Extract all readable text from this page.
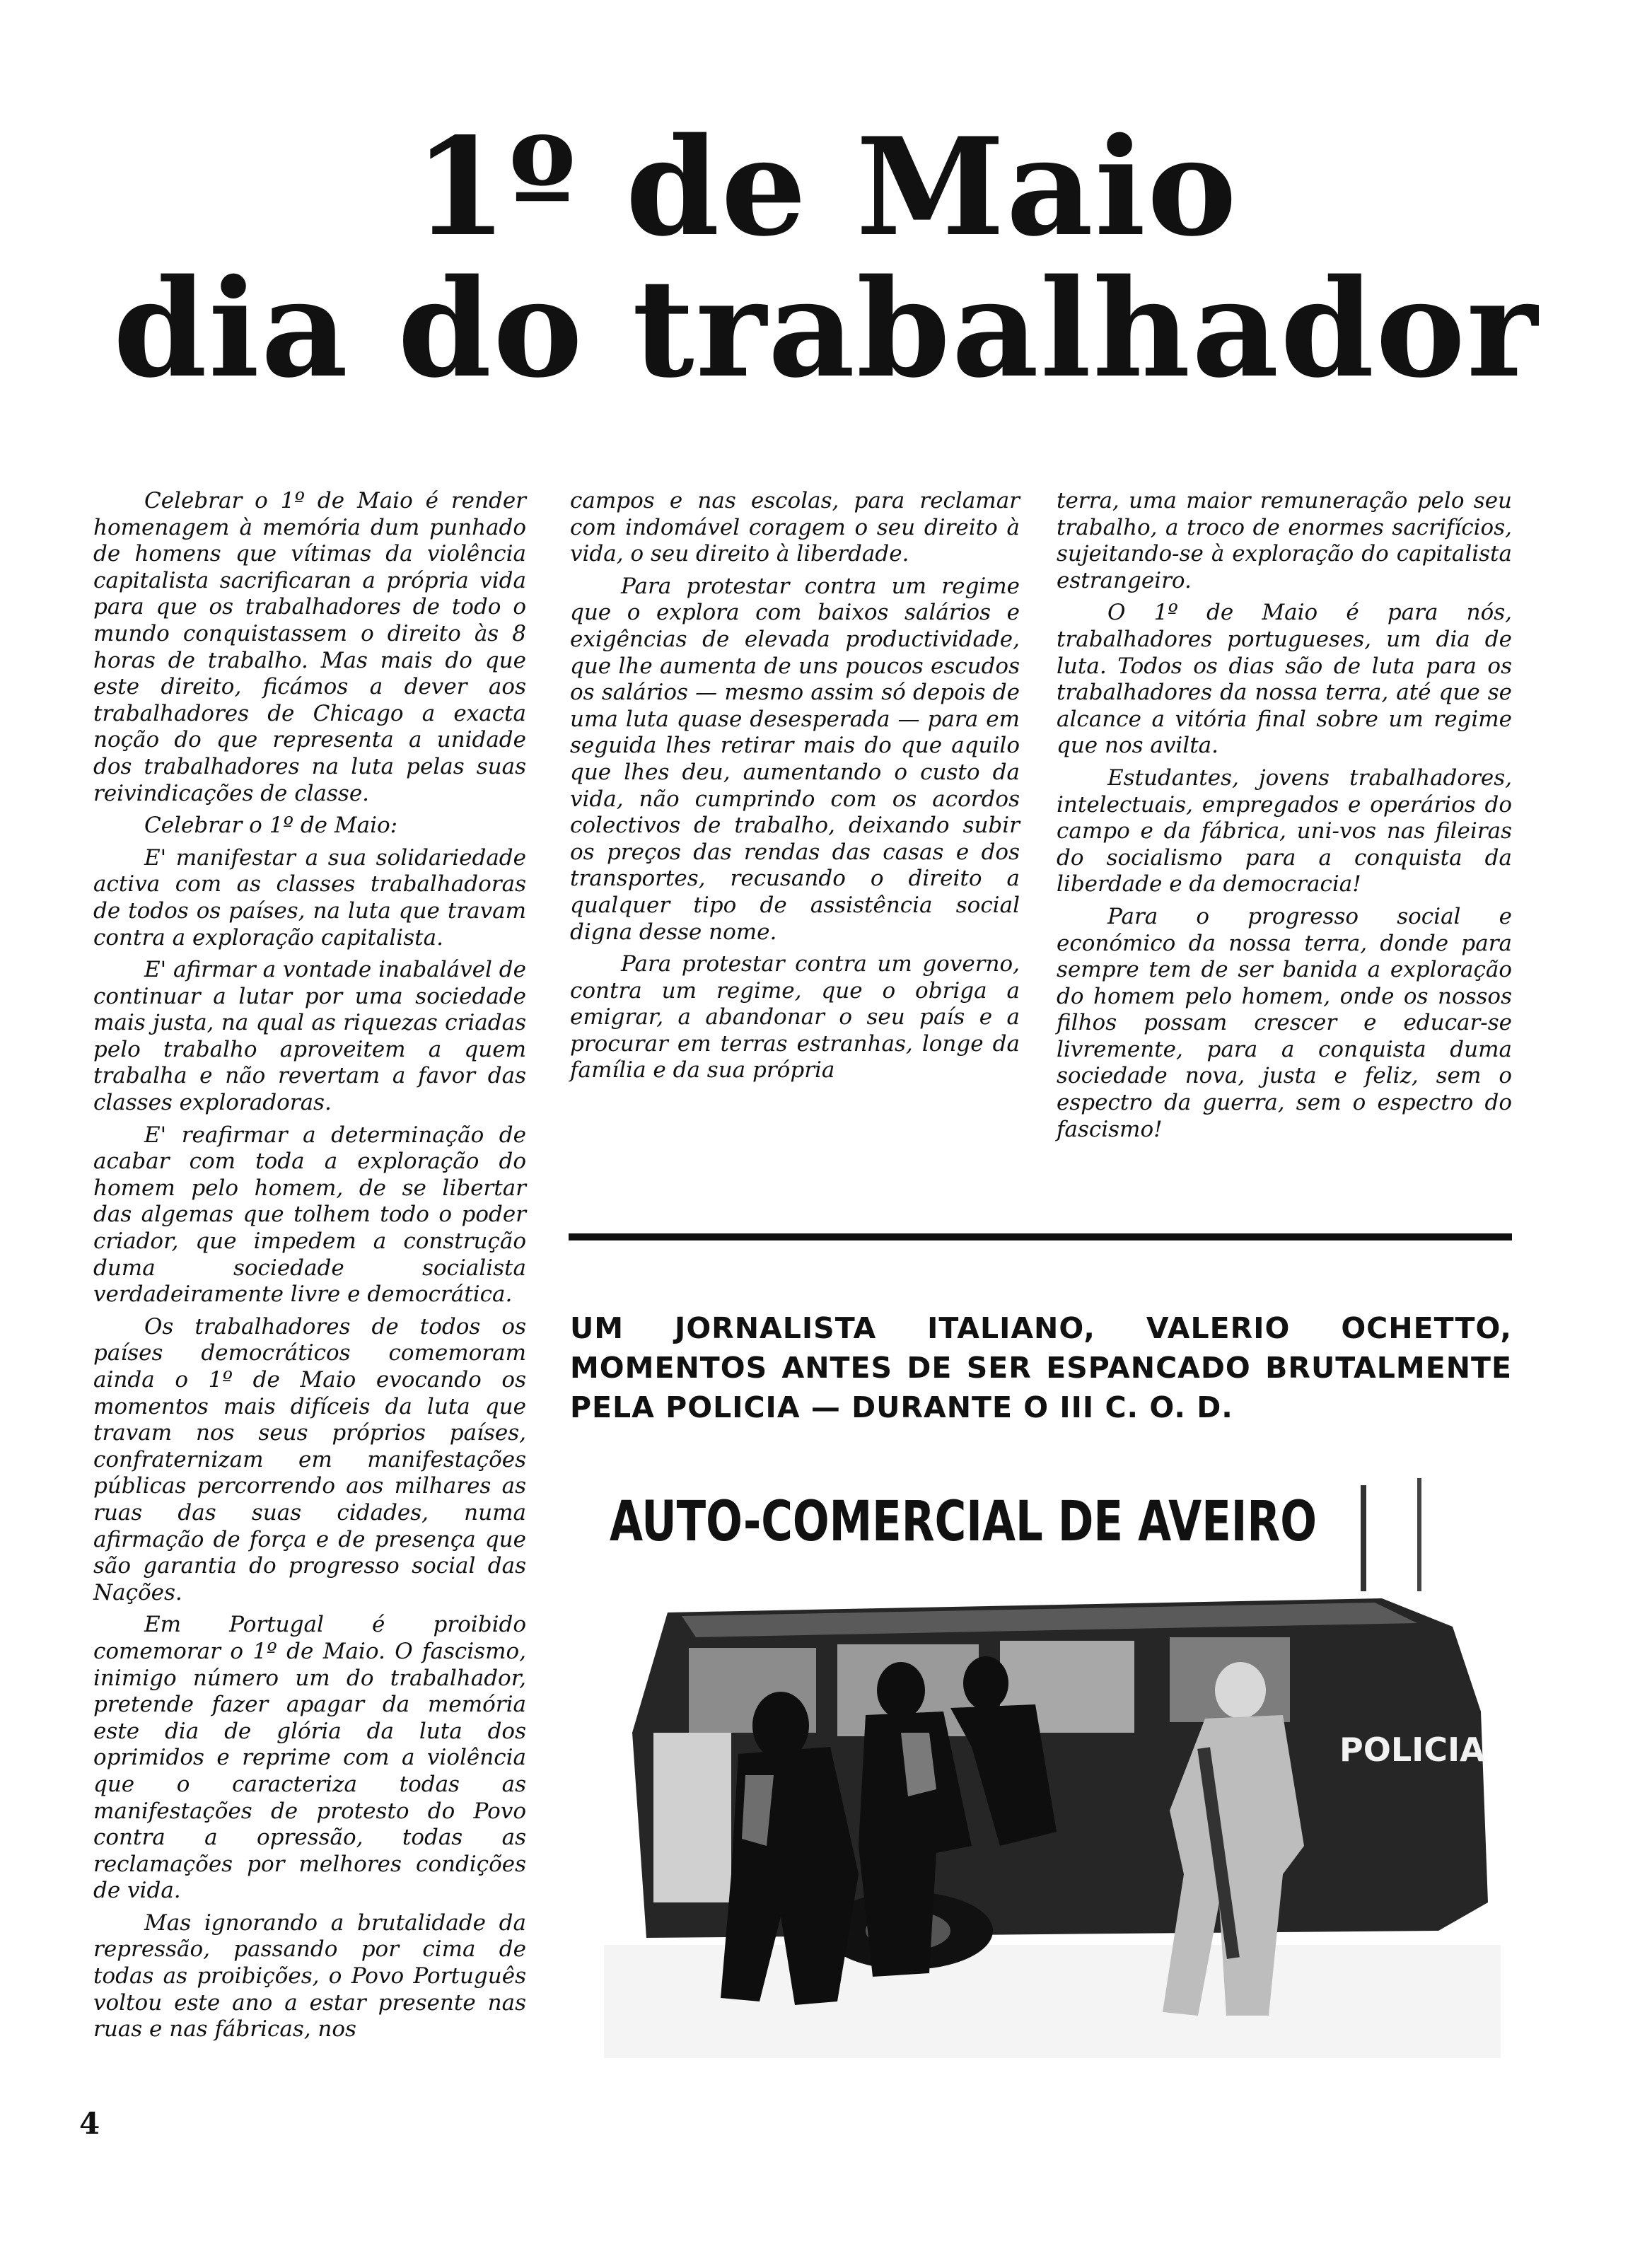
1º de Maio
dia do trabalhador

Celebrar o 1º de Maio é render homenagem à memória dum punhado de homens que vítimas da violência capitalista sacrificaran a própria vida para que os trabalhadores de todo o mundo conquistassem o direito às 8 horas de trabalho. Mas mais do que este direito, ficámos a dever aos trabalhadores de Chicago a exacta noção do que representa a unidade dos trabalhadores na luta pelas suas reivindicações de classe.

Celebrar o 1º de Maio:

E' manifestar a sua solidariedade activa com as classes trabalhadoras de todos os países, na luta que travam contra a exploração capitalista.

E' afirmar a vontade inabalável de continuar a lutar por uma sociedade mais justa, na qual as riquezas criadas pelo trabalho aproveitem a quem trabalha e não revertam a favor das classes exploradoras.

E' reafirmar a determinação de acabar com toda a exploração do homem pelo homem, de se libertar das algemas que tolhem todo o poder criador, que impedem a construção duma sociedade socialista verdadeiramente livre e democrática.

Os trabalhadores de todos os países democráticos comemoram ainda o 1º de Maio evocando os momentos mais difíceis da luta que travam nos seus próprios países, confraternizam em manifestações públicas percorrendo aos milhares as ruas das suas cidades, numa afirmação de força e de presença que são garantia do progresso social das Nações.

Em Portugal é proibido comemorar o 1º de Maio. O fascismo, inimigo número um do trabalhador, pretende fazer apagar da memória este dia de glória da luta dos oprimidos e reprime com a violência que o caracteriza todas as manifestações de protesto do Povo contra a opressão, todas as reclamações por melhores condições de vida.

Mas ignorando a brutalidade da repressão, passando por cima de todas as proibições, o Povo Português voltou este ano a estar presente nas ruas e nas fábricas, nos

campos e nas escolas, para reclamar com indomável coragem o seu direito à vida, o seu direito à liberdade.

Para protestar contra um regime que o explora com baixos salários e exigências de elevada productividade, que lhe aumenta de uns poucos escudos os salários — mesmo assim só depois de uma luta quase desesperada — para em seguida lhes retirar mais do que aquilo que lhes deu, aumentando o custo da vida, não cumprindo com os acordos colectivos de trabalho, deixando subir os preços das rendas das casas e dos transportes, recusando o direito a qualquer tipo de assistência social digna desse nome.

Para protestar contra um governo, contra um regime, que o obriga a emigrar, a abandonar o seu país e a procurar em terras estranhas, longe da família e da sua própria

terra, uma maior remuneração pelo seu trabalho, a troco de enormes sacrifícios, sujeitando-se à exploração do capitalista estrangeiro.

O 1º de Maio é para nós, trabalhadores portugueses, um dia de luta. Todos os dias são de luta para os trabalhadores da nossa terra, até que se alcance a vitória final sobre um regime que nos avilta.

Estudantes, jovens trabalhadores, intelectuais, empregados e operários do campo e da fábrica, uni-vos nas fileiras do socialismo para a conquista da liberdade e da democracia!

Para o progresso social e económico da nossa terra, donde para sempre tem de ser banida a exploração do homem pelo homem, onde os nossos filhos possam crescer e educar-se livremente, para a conquista duma sociedade nova, justa e feliz, sem o espectro da guerra, sem o espectro do fascismo!

UM JORNALISTA ITALIANO, VALERIO OCHETTO, MOMENTOS ANTES DE SER ESPANCADO BRUTALMENTE PELA POLICIA — DURANTE O III C. O. D.

AUTO-COMERCIAL DE AVEIRO
POLICIA
4
